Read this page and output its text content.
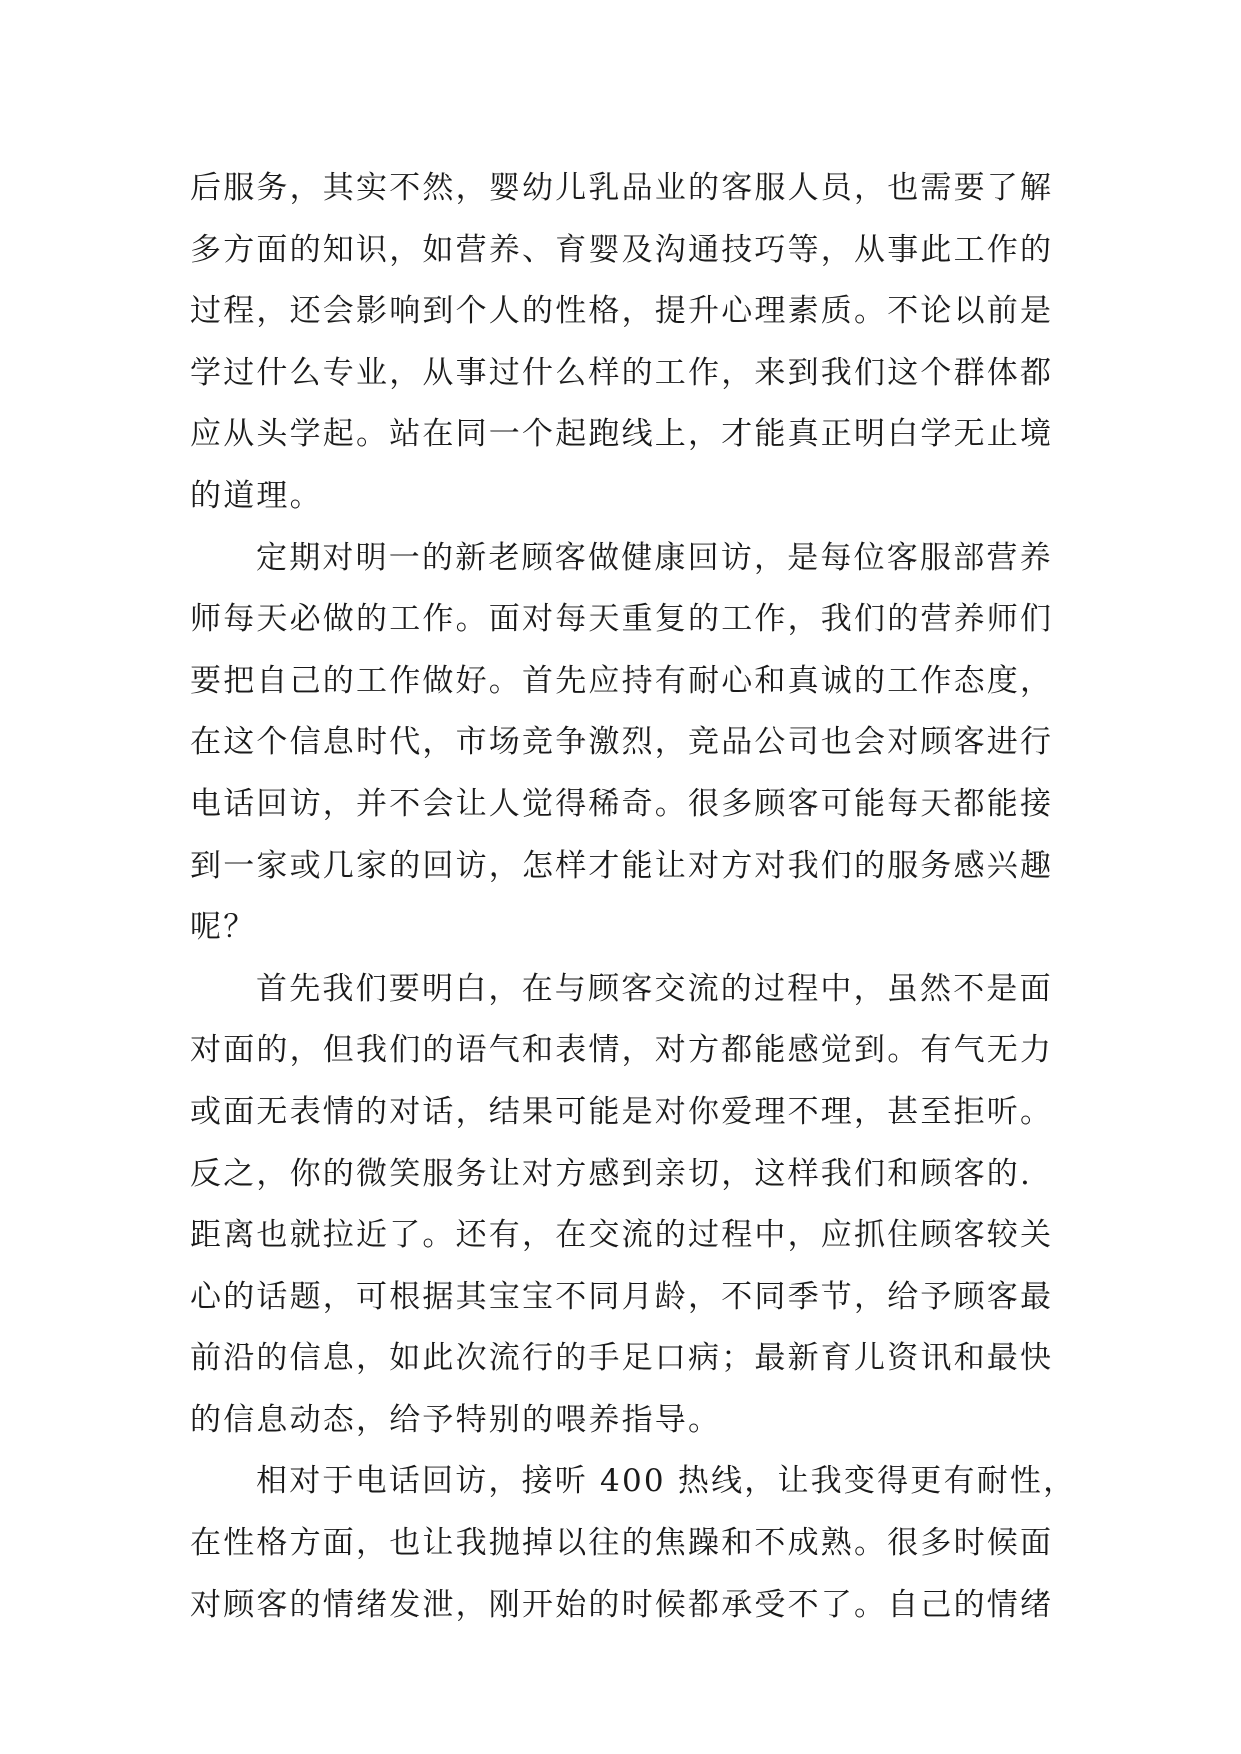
后服务，其实不然，婴幼儿乳品业的客服人员，也需要了解
多方面的知识，如营养、育婴及沟通技巧等，从事此工作的
过程，还会影响到个人的性格，提升心理素质。不论以前是
学过什么专业，从事过什么样的工作，来到我们这个群体都
应从头学起。站在同一个起跑线上，才能真正明白学无止境
的道理。
定期对明一的新老顾客做健康回访，是每位客服部营养
师每天必做的工作。面对每天重复的工作，我们的营养师们
要把自己的工作做好。首先应持有耐心和真诚的工作态度，
在这个信息时代，市场竞争激烈，竞品公司也会对顾客进行
电话回访，并不会让人觉得稀奇。很多顾客可能每天都能接
到一家或几家的回访，怎样才能让对方对我们的服务感兴趣
呢？
首先我们要明白，在与顾客交流的过程中，虽然不是面
对面的，但我们的语气和表情，对方都能感觉到。有气无力
或面无表情的对话，结果可能是对你爱理不理，甚至拒听。
反之，你的微笑服务让对方感到亲切，这样我们和顾客的.
距离也就拉近了。还有，在交流的过程中，应抓住顾客较关
心的话题，可根据其宝宝不同月龄，不同季节，给予顾客最
前沿的信息，如此次流行的手足口病；最新育儿资讯和最快
的信息动态，给予特别的喂养指导。
相对于电话回访，接听 400 热线，让我变得更有耐性，
在性格方面，也让我抛掉以往的焦躁和不成熟。很多时候面
对顾客的情绪发泄，刚开始的时候都承受不了。自己的情绪
